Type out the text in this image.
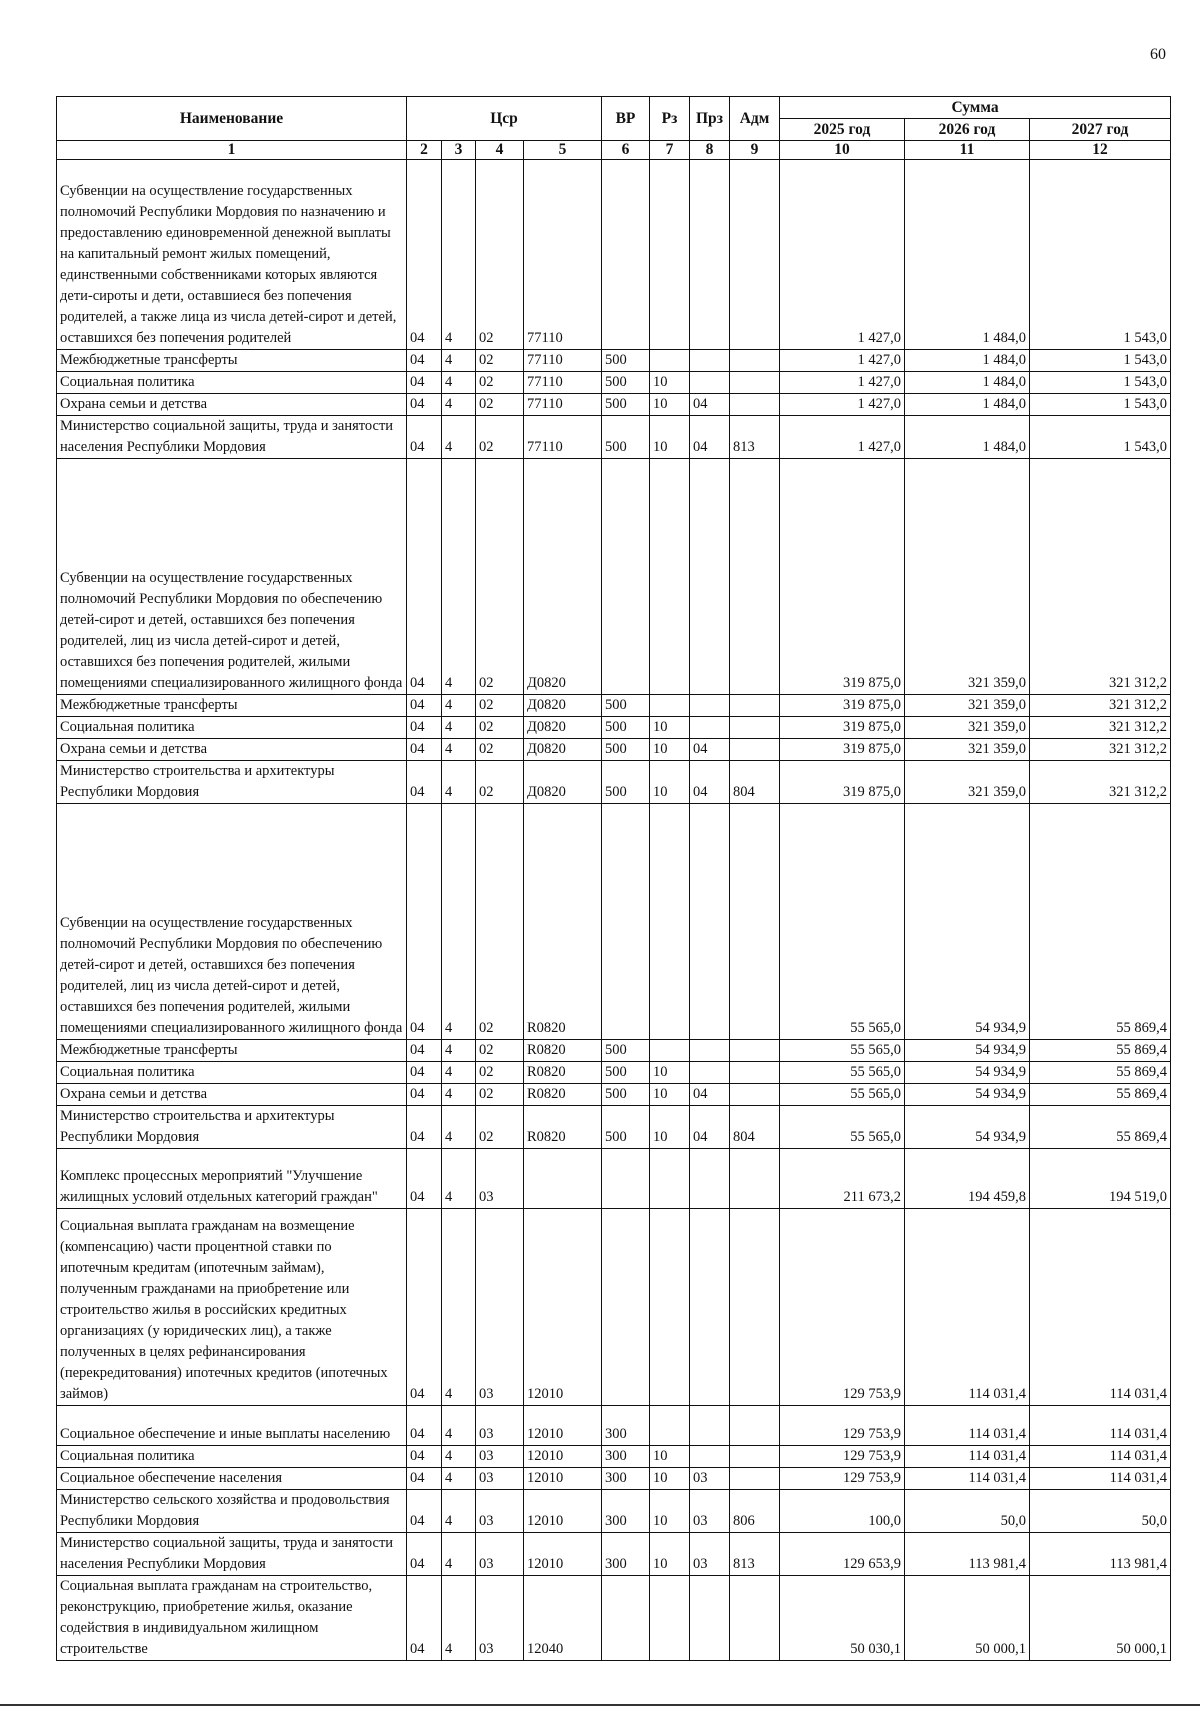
60
Наименование	Цср				ВР	Рз	Прз	Адм	Сумма		
									2025 год	2026 год	2027 год
1	2	3	4	5	6	7	8	9	10	11	12
Субвенции на осуществление государственных полномочий Республики Мордовия по назначению и предоставлению единовременной денежной выплаты на капитальный ремонт жилых помещений, единственными собственниками которых являются дети-сироты и дети, оставшиеся без попечения родителей, а также лица из числа детей-сирот и детей, оставшихся без попечения родителей	04	4	02	77110					1 427,0	1 484,0	1 543,0
Межбюджетные трансферты	04	4	02	77110	500				1 427,0	1 484,0	1 543,0
Социальная политика	04	4	02	77110	500	10			1 427,0	1 484,0	1 543,0
Охрана семьи и детства	04	4	02	77110	500	10	04		1 427,0	1 484,0	1 543,0
Министерство социальной защиты, труда и занятости населения Республики Мордовия	04	4	02	77110	500	10	04	813	1 427,0	1 484,0	1 543,0
Субвенции на осуществление государственных полномочий Республики Мордовия по обеспечению детей-сирот и детей, оставшихся без попечения родителей, лиц из числа детей-сирот и детей, оставшихся без попечения родителей, жилыми помещениями специализированного жилищного фонда	04	4	02	Д0820					319 875,0	321 359,0	321 312,2
Межбюджетные трансферты	04	4	02	Д0820	500				319 875,0	321 359,0	321 312,2
Социальная политика	04	4	02	Д0820	500	10			319 875,0	321 359,0	321 312,2
Охрана семьи и детства	04	4	02	Д0820	500	10	04		319 875,0	321 359,0	321 312,2
Министерство строительства и архитектуры Республики Мордовия	04	4	02	Д0820	500	10	04	804	319 875,0	321 359,0	321 312,2
Субвенции на осуществление государственных полномочий Республики Мордовия по обеспечению детей-сирот и детей, оставшихся без попечения родителей, лиц из числа детей-сирот и детей, оставшихся без попечения родителей, жилыми помещениями специализированного жилищного фонда	04	4	02	R0820					55 565,0	54 934,9	55 869,4
Межбюджетные трансферты	04	4	02	R0820	500				55 565,0	54 934,9	55 869,4
Социальная политика	04	4	02	R0820	500	10			55 565,0	54 934,9	55 869,4
Охрана семьи и детства	04	4	02	R0820	500	10	04		55 565,0	54 934,9	55 869,4
Министерство строительства и архитектуры Республики Мордовия	04	4	02	R0820	500	10	04	804	55 565,0	54 934,9	55 869,4
Комплекс процессных мероприятий "Улучшение жилищных условий отдельных категорий граждан"	04	4	03						211 673,2	194 459,8	194 519,0
Социальная выплата гражданам на возмещение (компенсацию) части процентной ставки по ипотечным кредитам (ипотечным займам), полученным гражданами на приобретение или строительство жилья в российских кредитных организациях (у юридических лиц), а также полученных в целях рефинансирования (перекредитования) ипотечных кредитов (ипотечных займов)	04	4	03	12010					129 753,9	114 031,4	114 031,4
Социальное обеспечение и иные выплаты населению	04	4	03	12010	300				129 753,9	114 031,4	114 031,4
Социальная политика	04	4	03	12010	300	10			129 753,9	114 031,4	114 031,4
Социальное обеспечение населения	04	4	03	12010	300	10	03		129 753,9	114 031,4	114 031,4
Министерство сельского хозяйства и продовольствия Республики Мордовия	04	4	03	12010	300	10	03	806	100,0	50,0	50,0
Министерство социальной защиты, труда и занятости населения Республики Мордовия	04	4	03	12010	300	10	03	813	129 653,9	113 981,4	113 981,4
Социальная выплата гражданам на строительство, реконструкцию, приобретение жилья, оказание содействия в индивидуальном жилищном строительстве	04	4	03	12040					50 030,1	50 000,1	50 000,1
